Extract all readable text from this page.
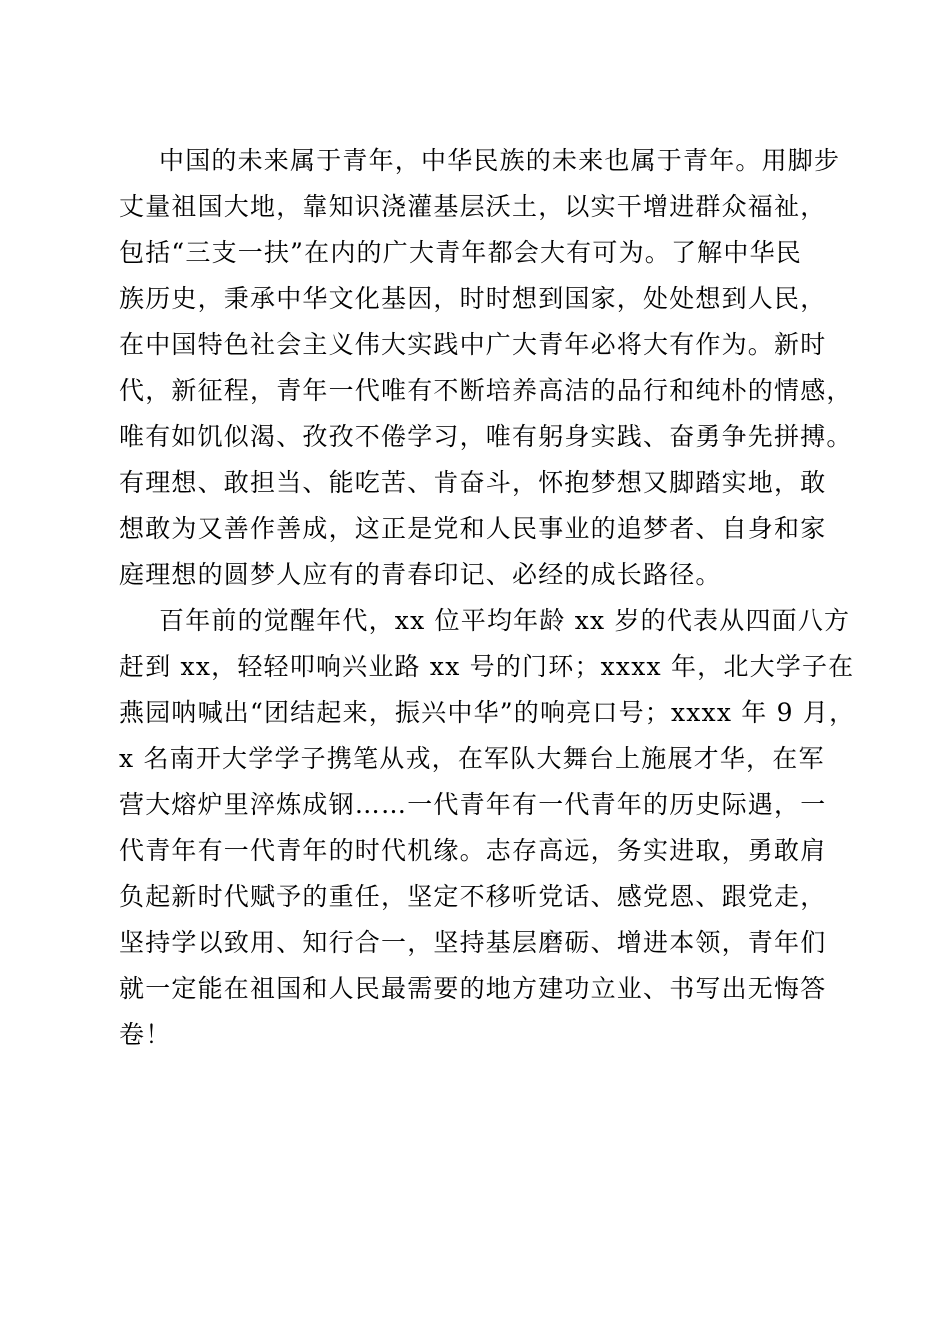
中国的未来属于青年，中华民族的未来也属于青年。用脚步
丈量祖国大地，靠知识浇灌基层沃土，以实干增进群众福祉，
包括“三支一扶”在内的广大青年都会大有可为。了解中华民
族历史，秉承中华文化基因，时时想到国家，处处想到人民，
在中国特色社会主义伟大实践中广大青年必将大有作为。新时
代，新征程，青年一代唯有不断培养高洁的品行和纯朴的情感，
唯有如饥似渴、孜孜不倦学习，唯有躬身实践、奋勇争先拼搏。
有理想、敢担当、能吃苦、肯奋斗，怀抱梦想又脚踏实地，敢
想敢为又善作善成，这正是党和人民事业的追梦者、自身和家
庭理想的圆梦人应有的青春印记、必经的成长路径。
百年前的觉醒年代，xx 位平均年龄 xx 岁的代表从四面八方
赶到 xx，轻轻叩响兴业路 xx 号的门环；xxxx 年，北大学子在
燕园呐喊出“团结起来，振兴中华”的响亮口号；xxxx 年 9 月，
x 名南开大学学子携笔从戎，在军队大舞台上施展才华，在军
营大熔炉里淬炼成钢……一代青年有一代青年的历史际遇，一
代青年有一代青年的时代机缘。志存高远，务实进取，勇敢肩
负起新时代赋予的重任，坚定不移听党话、感党恩、跟党走，
坚持学以致用、知行合一，坚持基层磨砺、增进本领，青年们
就一定能在祖国和人民最需要的地方建功立业、书写出无悔答
卷！
